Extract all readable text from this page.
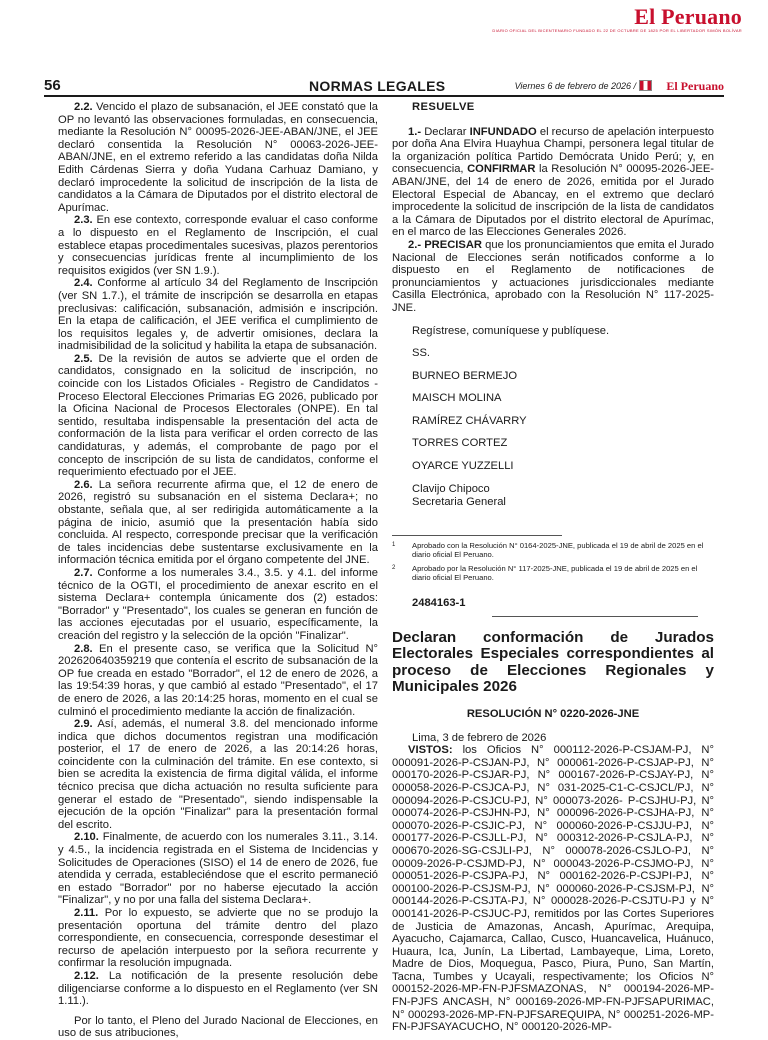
El Peruano
DIARIO OFICIAL DEL BICENTENARIO FUNDADO EL 22 DE OCTUBRE DE 1825 POR EL LIBERTADOR SIMÓN BOLÍVAR
56	NORMAS LEGALES	Viernes 6 de febrero de 2026 /	El Peruano

2.2. Vencido el plazo de subsanación, el JEE constató que la OP no levantó las observaciones formuladas, en consecuencia, mediante la Resolución N° 00095-2026-JEE-ABAN/JNE, el JEE declaró consentida la Resolución N° 00063-2026-JEE-ABAN/JNE, en el extremo referido a las candidatas doña Nilda Edith Cárdenas Sierra y doña Yudana Carhuaz Damiano, y declaró improcedente la solicitud de inscripción de la lista de candidatos a la Cámara de Diputados por el distrito electoral de Apurímac.

2.3. En ese contexto, corresponde evaluar el caso conforme a lo dispuesto en el Reglamento de Inscripción, el cual establece etapas procedimentales sucesivas, plazos perentorios y consecuencias jurídicas frente al incumplimiento de los requisitos exigidos (ver SN 1.9.).

2.4. Conforme al artículo 34 del Reglamento de Inscripción (ver SN 1.7.), el trámite de inscripción se desarrolla en etapas preclusivas: calificación, subsanación, admisión e inscripción. En la etapa de calificación, el JEE verifica el cumplimiento de los requisitos legales y, de advertir omisiones, declara la inadmisibilidad de la solicitud y habilita la etapa de subsanación.

2.5. De la revisión de autos se advierte que el orden de candidatos, consignado en la solicitud de inscripción, no coincide con los Listados Oficiales - Registro de Candidatos - Proceso Electoral Elecciones Primarias EG 2026, publicado por la Oficina Nacional de Procesos Electorales (ONPE). En tal sentido, resultaba indispensable la presentación del acta de conformación de la lista para verificar el orden correcto de las candidaturas, y además, el comprobante de pago por el concepto de inscripción de su lista de candidatos, conforme el requerimiento efectuado por el JEE.

2.6. La señora recurrente afirma que, el 12 de enero de 2026, registró su subsanación en el sistema Declara+; no obstante, señala que, al ser redirigida automáticamente a la página de inicio, asumió que la presentación había sido concluida. Al respecto, corresponde precisar que la verificación de tales incidencias debe sustentarse exclusivamente en la información técnica emitida por el órgano competente del JNE.

2.7. Conforme a los numerales 3.4., 3.5. y 4.1. del informe técnico de la OGTI, el procedimiento de anexar escrito en el sistema Declara+ contempla únicamente dos (2) estados: "Borrador" y "Presentado", los cuales se generan en función de las acciones ejecutadas por el usuario, específicamente, la creación del registro y la selección de la opción "Finalizar".

2.8. En el presente caso, se verifica que la Solicitud N° 202620640359219 que contenía el escrito de subsanación de la OP fue creada en estado "Borrador", el 12 de enero de 2026, a las 19:54:39 horas, y que cambió al estado "Presentado", el 17 de enero de 2026, a las 20:14:25 horas, momento en el cual se culminó el procedimiento mediante la acción de finalización.

2.9. Así, además, el numeral 3.8. del mencionado informe indica que dichos documentos registran una modificación posterior, el 17 de enero de 2026, a las 20:14:26 horas, coincidente con la culminación del trámite. En ese contexto, si bien se acredita la existencia de firma digital válida, el informe técnico precisa que dicha actuación no resulta suficiente para generar el estado de "Presentado", siendo indispensable la ejecución de la opción "Finalizar" para la presentación formal del escrito.

2.10. Finalmente, de acuerdo con los numerales 3.11., 3.14. y 4.5., la incidencia registrada en el Sistema de Incidencias y Solicitudes de Operaciones (SISO) el 14 de enero de 2026, fue atendida y cerrada, estableciéndose que el escrito permaneció en estado "Borrador" por no haberse ejecutado la acción "Finalizar", y no por una falla del sistema Declara+.

2.11. Por lo expuesto, se advierte que no se produjo la presentación oportuna del trámite dentro del plazo correspondiente, en consecuencia, corresponde desestimar el recurso de apelación interpuesto por la señora recurrente y confirmar la resolución impugnada.

2.12. La notificación de la presente resolución debe diligenciarse conforme a lo dispuesto en el Reglamento (ver SN 1.11.).

Por lo tanto, el Pleno del Jurado Nacional de Elecciones, en uso de sus atribuciones,

RESUELVE

1.- Declarar INFUNDADO el recurso de apelación interpuesto por doña Ana Elvira Huayhua Champi, personera legal titular de la organización política Partido Demócrata Unido Perú; y, en consecuencia, CONFIRMAR la Resolución N° 00095-2026-JEE-ABAN/JNE, del 14 de enero de 2026, emitida por el Jurado Electoral Especial de Abancay, en el extremo que declaró improcedente la solicitud de inscripción de la lista de candidatos a la Cámara de Diputados por el distrito electoral de Apurímac, en el marco de las Elecciones Generales 2026.

2.- PRECISAR que los pronunciamientos que emita el Jurado Nacional de Elecciones serán notificados conforme a lo dispuesto en el Reglamento de notificaciones de pronunciamientos y actuaciones jurisdiccionales mediante Casilla Electrónica, aprobado con la Resolución N° 117-2025-JNE.

Regístrese, comuníquese y publíquese.
SS.
BURNEO BERMEJO
MAISCH MOLINA
RAMÍREZ CHÁVARRY
TORRES CORTEZ
OYARCE YUZZELLI
Clavijo Chipoco
Secretaria General
1	Aprobado con la Resolución N° 0164-2025-JNE, publicada el 19 de abril de 2025 en el diario oficial El Peruano.
2	Aprobado por la Resolución N° 117-2025-JNE, publicada el 19 de abril de 2025 en el diario oficial El Peruano.
2484163-1
Declaran conformación de Jurados Electorales Especiales correspondientes al proceso de Elecciones Regionales y Municipales 2026
RESOLUCIÓN N° 0220-2026-JNE
Lima, 3 de febrero de 2026

VISTOS: los Oficios N° 000112-2026-P-CSJAM-PJ, N° 000091-2026-P-CSJAN-PJ, N° 000061-2026-P-CSJAP-PJ, N° 000170-2026-P-CSJAR-PJ, N° 000167-2026-P-CSJAY-PJ, N° 000058-2026-P-CSJCA-PJ, N° 031-2025-C1-C-CSJCL/PJ, N° 000094-2026-P-CSJCU-PJ, N° 000073-2026- P-CSJHU-PJ, N° 000074-2026-P-CSJHN-PJ, N° 000096-2026-P-CSJHA-PJ, N° 000070-2026-P-CSJIC-PJ, N° 000060-2026-P-CSJJU-PJ, N° 000177-2026-P-CSJLL-PJ, N° 000312-2026-P-CSJLA-PJ, N° 000670-2026-SG-CSJLI-PJ, N° 000078-2026-CSJLO-PJ, N° 00009-2026-P-CSJMD-PJ, N° 000043-2026-P-CSJMO-PJ, N° 000051-2026-P-CSJPA-PJ, N° 000162-2026-P-CSJPI-PJ, N° 000100-2026-P-CSJSM-PJ, N° 000060-2026-P-CSJSM-PJ, N° 000144-2026-P-CSJTA-PJ, N° 000028-2026-P-CSJTU-PJ y N° 000141-2026-P-CSJUC-PJ, remitidos por las Cortes Superiores de Justicia de Amazonas, Ancash, Apurímac, Arequipa, Ayacucho, Cajamarca, Callao, Cusco, Huancavelica, Huánuco, Huaura, Ica, Junín, La Libertad, Lambayeque, Lima, Loreto, Madre de Dios, Moquegua, Pasco, Piura, Puno, San Martín, Tacna, Tumbes y Ucayali, respectivamente; los Oficios N° 000152-2026-MP-FN-PJFSMAZONAS, N° 000194-2026-MP-FN-PJFS ANCASH, N° 000169-2026-MP-FN-PJFSAPURIMAC, N° 000293-2026-MP-FN-PJFSAREQUIPA, N° 000251-2026-MP-FN-PJFSAYACUCHO, N° 000120-2026-MP-
